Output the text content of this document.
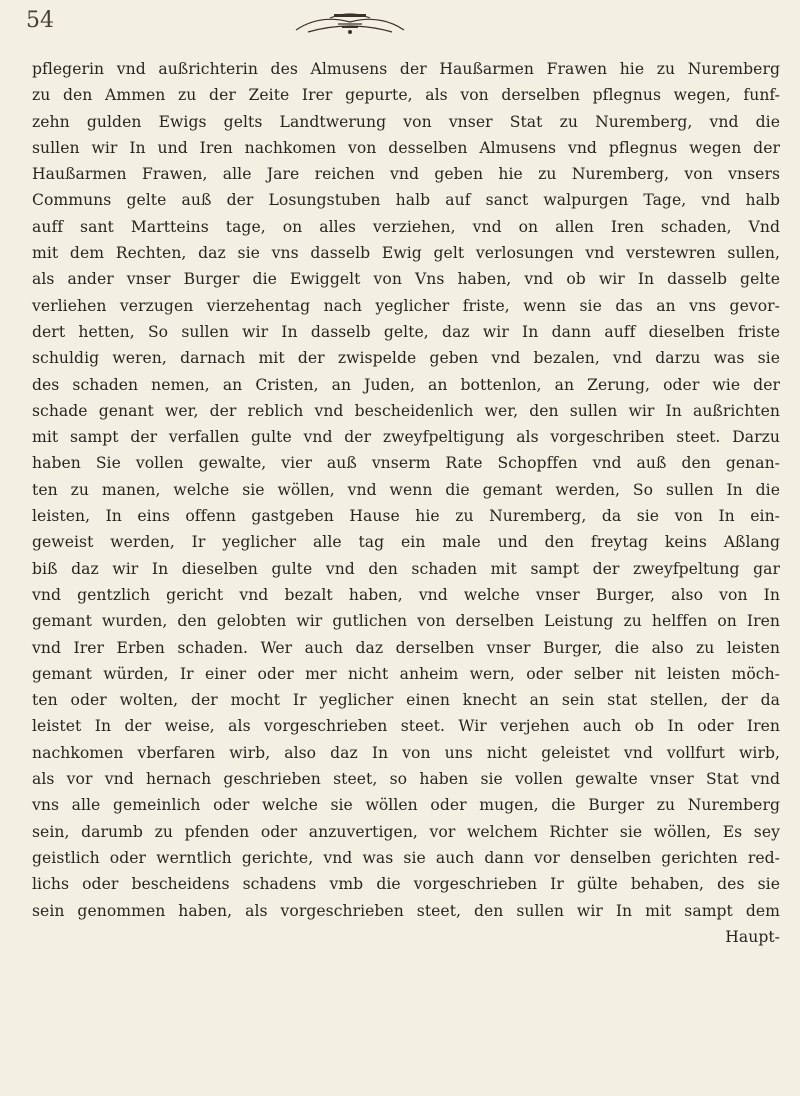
54
pflegerin vnd außrichterin des Almusens der Haußarmen Frawen hie zu Nuremberg
zu den Ammen zu der Zeite Irer gepurte, als von derselben pflegnus wegen, funf-
zehn gulden Ewigs gelts Landtwerung von vnser Stat zu Nuremberg, vnd die
sullen wir In und Iren nachkomen von desselben Almusens vnd pflegnus wegen der
Haußarmen Frawen, alle Jare reichen vnd geben hie zu Nuremberg, von vnsers
Communs gelte auß der Losungstuben halb auf sanct walpurgen Tage, vnd halb
auff sant Martteins tage, on alles verziehen, vnd on allen Iren schaden, Vnd
mit dem Rechten, daz sie vns dasselb Ewig gelt verlosungen vnd verstewren sullen,
als ander vnser Burger die Ewiggelt von Vns haben, vnd ob wir In dasselb gelte
verliehen verzugen vierzehentag nach yeglicher friste, wenn sie das an vns gevor-
dert hetten, So sullen wir In dasselb gelte, daz wir In dann auff dieselben friste
schuldig weren, darnach mit der zwispelde geben vnd bezalen, vnd darzu was sie
des schaden nemen, an Cristen, an Juden, an bottenlon, an Zerung, oder wie der
schade genant wer, der reblich vnd bescheidenlich wer, den sullen wir In außrichten
mit sampt der verfallen gulte vnd der zweyfpeltigung als vorgeschriben steet. Darzu
haben Sie vollen gewalte, vier auß vnserm Rate Schopffen vnd auß den genan-
ten zu manen, welche sie wöllen, vnd wenn die gemant werden, So sullen In die
leisten, In eins offenn gastgeben Hause hie zu Nuremberg, da sie von In ein-
geweist werden, Ir yeglicher alle tag ein male und den freytag keins Aßlang
biß daz wir In dieselben gulte vnd den schaden mit sampt der zweyfpeltung gar
vnd gentzlich gericht vnd bezalt haben, vnd welche vnser Burger, also von In
gemant wurden, den gelobten wir gutlichen von derselben Leistung zu helffen on Iren
vnd Irer Erben schaden. Wer auch daz derselben vnser Burger, die also zu leisten
gemant würden, Ir einer oder mer nicht anheim wern, oder selber nit leisten möch-
ten oder wolten, der mocht Ir yeglicher einen knecht an sein stat stellen, der da
leistet In der weise, als vorgeschrieben steet. Wir verjehen auch ob In oder Iren
nachkomen vberfaren wirb, also daz In von uns nicht geleistet vnd vollfurt wirb,
als vor vnd hernach geschrieben steet, so haben sie vollen gewalte vnser Stat vnd
vns alle gemeinlich oder welche sie wöllen oder mugen, die Burger zu Nuremberg
sein, darumb zu pfenden oder anzuvertigen, vor welchem Richter sie wöllen, Es sey
geistlich oder werntlich gerichte, vnd was sie auch dann vor denselben gerichten red-
lichs oder bescheidens schadens vmb die vorgeschrieben Ir gülte behaben, des sie
sein genommen haben, als vorgeschrieben steet, den sullen wir In mit sampt dem
Haupt-
